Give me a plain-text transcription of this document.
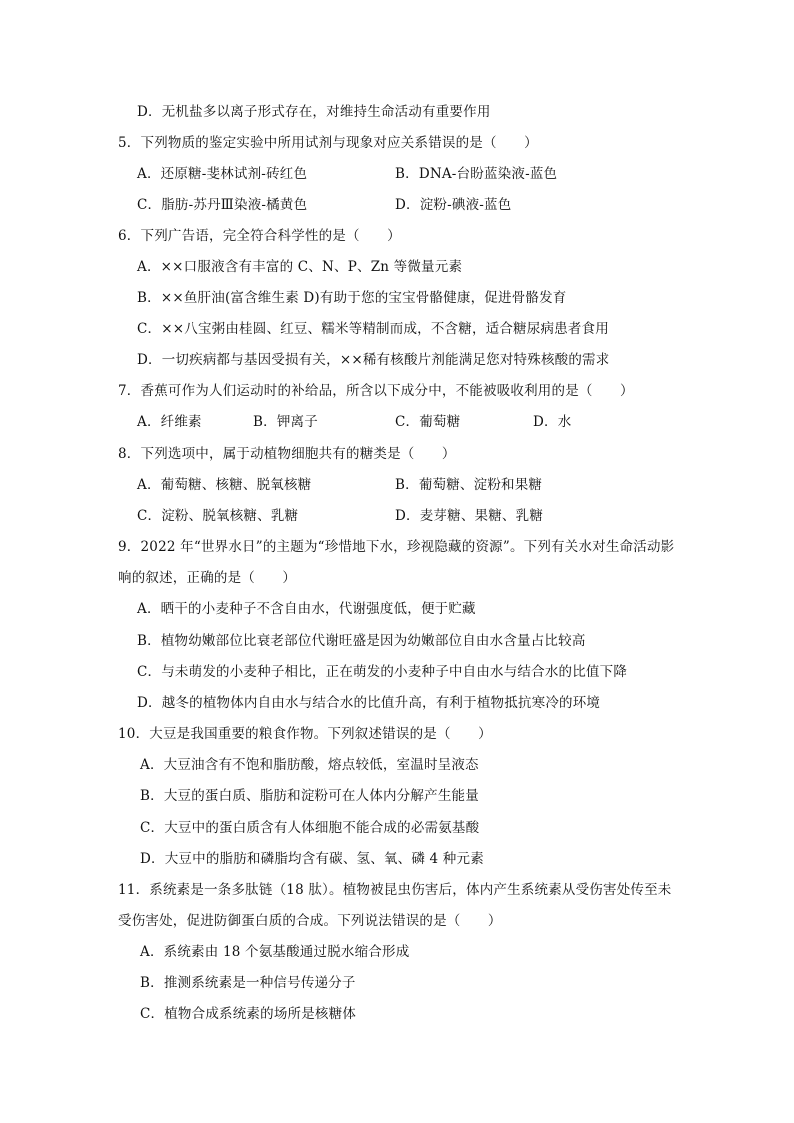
D．无机盐多以离子形式存在，对维持生命活动有重要作用
5．下列物质的鉴定实验中所用试剂与现象对应关系错误的是（　　）
A．还原糖-斐林试剂-砖红色	B．DNA-台盼蓝染液-蓝色
C．脂肪-苏丹Ⅲ染液-橘黄色	D．淀粉-碘液-蓝色
6．下列广告语，完全符合科学性的是（　　）
A．××口服液含有丰富的 C、N、P、Zn 等微量元素
B．××鱼肝油(富含维生素 D)有助于您的宝宝骨骼健康，促进骨骼发育
C．××八宝粥由桂圆、红豆、糯米等精制而成，不含糖，适合糖尿病患者食用
D．一切疾病都与基因受损有关，××稀有核酸片剂能满足您对特殊核酸的需求
7．香蕉可作为人们运动时的补给品，所含以下成分中，不能被吸收利用的是（　　）
A．纤维素	B．钾离子	C．葡萄糖	D．水
8．下列选项中，属于动植物细胞共有的糖类是（　　）
A．葡萄糖、核糖、脱氧核糖	B．葡萄糖、淀粉和果糖
C．淀粉、脱氧核糖、乳糖	D．麦芽糖、果糖、乳糖
9．2022 年“世界水日”的主题为“珍惜地下水，珍视隐藏的资源”。下列有关水对生命活动影
响的叙述，正确的是（　　）
A．晒干的小麦种子不含自由水，代谢强度低，便于贮藏
B．植物幼嫩部位比衰老部位代谢旺盛是因为幼嫩部位自由水含量占比较高
C．与未萌发的小麦种子相比，正在萌发的小麦种子中自由水与结合水的比值下降
D．越冬的植物体内自由水与结合水的比值升高，有利于植物抵抗寒冷的环境
10．大豆是我国重要的粮食作物。下列叙述错误的是（　　）
A．大豆油含有不饱和脂肪酸，熔点较低，室温时呈液态
B．大豆的蛋白质、脂肪和淀粉可在人体内分解产生能量
C．大豆中的蛋白质含有人体细胞不能合成的必需氨基酸
D．大豆中的脂肪和磷脂均含有碳、氢、氧、磷 4 种元素
11．系统素是一条多肽链（18 肽）。植物被昆虫伤害后，体内产生系统素从受伤害处传至未
受伤害处，促进防御蛋白质的合成。下列说法错误的是（　　）
A．系统素由 18 个氨基酸通过脱水缩合形成
B．推测系统素是一种信号传递分子
C．植物合成系统素的场所是核糖体
